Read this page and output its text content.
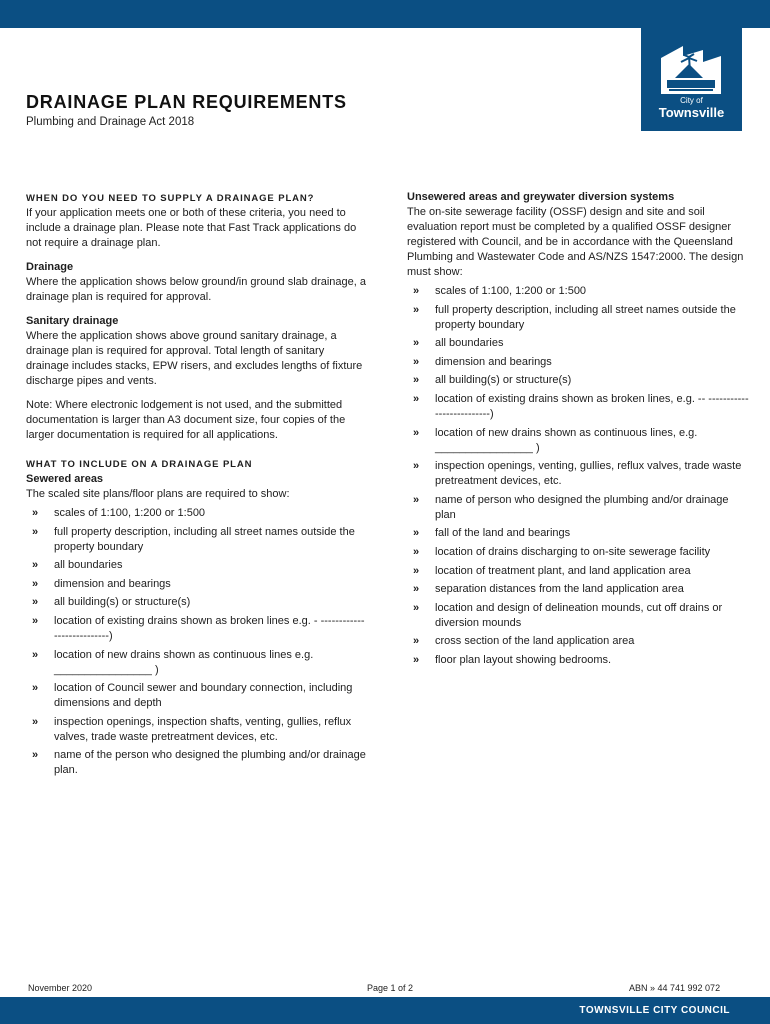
City of
Townsville
DRAINAGE PLAN REQUIREMENTS
Plumbing and Drainage Act 2018
WHEN DO YOU NEED TO SUPPLY A DRAINAGE PLAN?

If your application meets one or both of these criteria, you need to include a drainage plan. Please note that Fast Track applications do not require a drainage plan.

Drainage

Where the application shows below ground/in ground slab drainage, a drainage plan is required for approval.

Sanitary drainage

Where the application shows above ground sanitary drainage, a drainage plan is required for approval. Total length of sanitary drainage includes stacks, EPW risers, and excludes lengths of fixture discharge pipes and vents.

Note: Where electronic lodgement is not used, and the submitted documentation is larger than A3 document size, four copies of the larger documentation is required for all applications.

WHAT TO INCLUDE ON A DRAINAGE PLAN
Sewered areas

The scaled site plans/floor plans are required to show:

» scales of 1:100, 1:200 or 1:500
» full property description, including all street names outside the property boundary
» all boundaries
» dimension and bearings
» all building(s) or structure(s)
» location of existing drains shown as broken lines e.g. - ---------------------------)
» location of new drains shown as continuous lines e.g. ________________ )
» location of Council sewer and boundary connection, including dimensions and depth
» inspection openings, inspection shafts, venting, gullies, reflux valves, trade waste pretreatment devices, etc.
» name of the person who designed the plumbing and/or drainage plan.
Unsewered areas and greywater diversion systems

The on-site sewerage facility (OSSF) design and site and soil evaluation report must be completed by a qualified OSSF designer registered with Council, and be in accordance with the Queensland Plumbing and Wastewater Code and AS/NZS 1547:2000. The design must show:

» scales of 1:100, 1:200 or 1:500
» full property description, including all street names outside the property boundary
» all boundaries
» dimension and bearings
» all building(s) or structure(s)
» location of existing drains shown as broken lines, e.g. -- --------------------------)
» location of new drains shown as continuous lines, e.g. ________________ )
» inspection openings, venting, gullies, reflux valves, trade waste pretreatment devices, etc.
» name of person who designed the plumbing and/or drainage plan
» fall of the land and bearings
» location of drains discharging to on-site sewerage facility
» location of treatment plant, and land application area
» separation distances from the land application area
» location and design of delineation mounds, cut off drains or diversion mounds
» cross section of the land application area
» floor plan layout showing bedrooms.
November 2020	Page 1 of 2	ABN » 44 741 992 072
TOWNSVILLE CITY COUNCIL
